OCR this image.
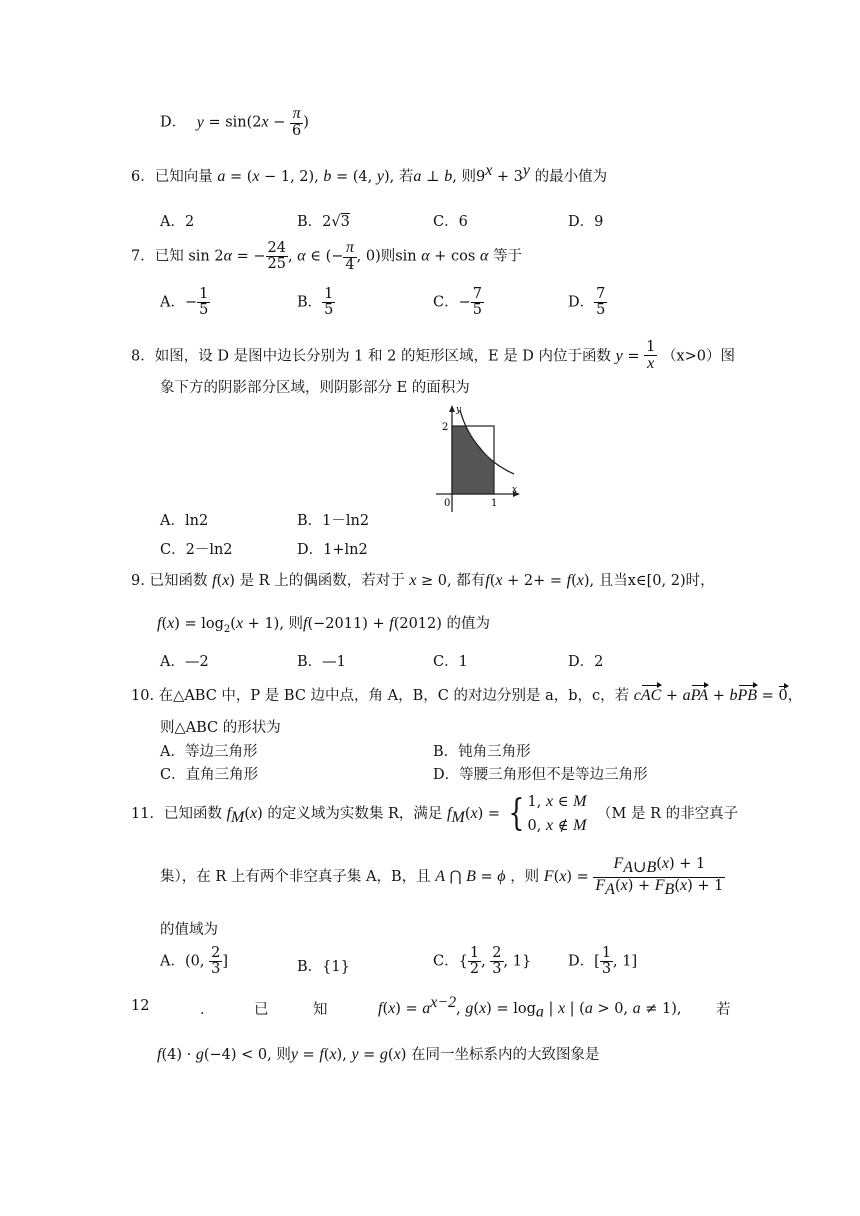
D． $y = \sin(2x - \frac{\pi}{6}$ )
6．已知向量 a = (x − 1, 2), b = (4, y), 若a ⊥ b, 则$9^x + 3^y$ 的最小值为
A．2	B．2√3	C．6	D．9
7．已知 sin 2α = − $\frac{24}{25}$ , α ∈ (− $\frac{\pi}{4}$ , 0)则sin α + cos α 等于
A．− $\frac{1}{5}$	B． $\frac{1}{5}$	C．− $\frac{7}{5}$	D． $\frac{7}{5}$
8．如图，设 D 是图中边长分别为 1 和 2 的矩形区域，E 是 D 内位于函数 $y = \frac{1}{x} (x>0)$图
象下方的阴影部分区域，则阴影部分 E 的面积为
y
x
2
1
0
A．ln2	B．1－ln2
C．2－ln2	D．1+ln2
9. 已知函数 f(x) 是 R 上的偶函数，若对于 x ≥ 0, 都有f(x + 2+ = f(x), 且当x∈[0, 2)时，
$f(x) = \log_2(x + 1)$, 则f(−2011) + f(2012) 的值为
A．—2	B．—1	C．1	D．2
10. 在△ABC 中，P 是 BC 边中点，角 A，B，C 的对边分别是 a，b，c，若 cAC + aPA + bPB = 0，
则△ABC 的形状为
A．等边三角形	B．钝角三角形
C．直角三角形	D．等腰三角形但不是等边三角形
11．已知函数 $f_M(x)$ 的定义域为实数集 R，满足 $f_M(x)$ = { 1, x ∈ M
0, x ∉ M （M 是 R 的非空真子
集），在 R 上有两个非空真子集 A，B，且 A ⋂ B = ϕ ，则 $F(x) = \frac{F_{A\cup B}(x) + 1}{F_A(x) + F_B(x) + 1}$
的值域为
A．(0, $\frac{2}{3}$ ]	B．{1}	C．{ $\frac{1}{2}$ , $\frac{2}{3}$ , 1}	D．[ $\frac{1}{3}$ , 1]
12	．	已	知	$f(x) = a^{x-2}$, $g(x) = \log_a$ | x | (a > 0, a ≠ 1), 若
f(4) · g(−4) < 0, 则y = f(x), y = g(x) 在同一坐标系内的大致图象是
